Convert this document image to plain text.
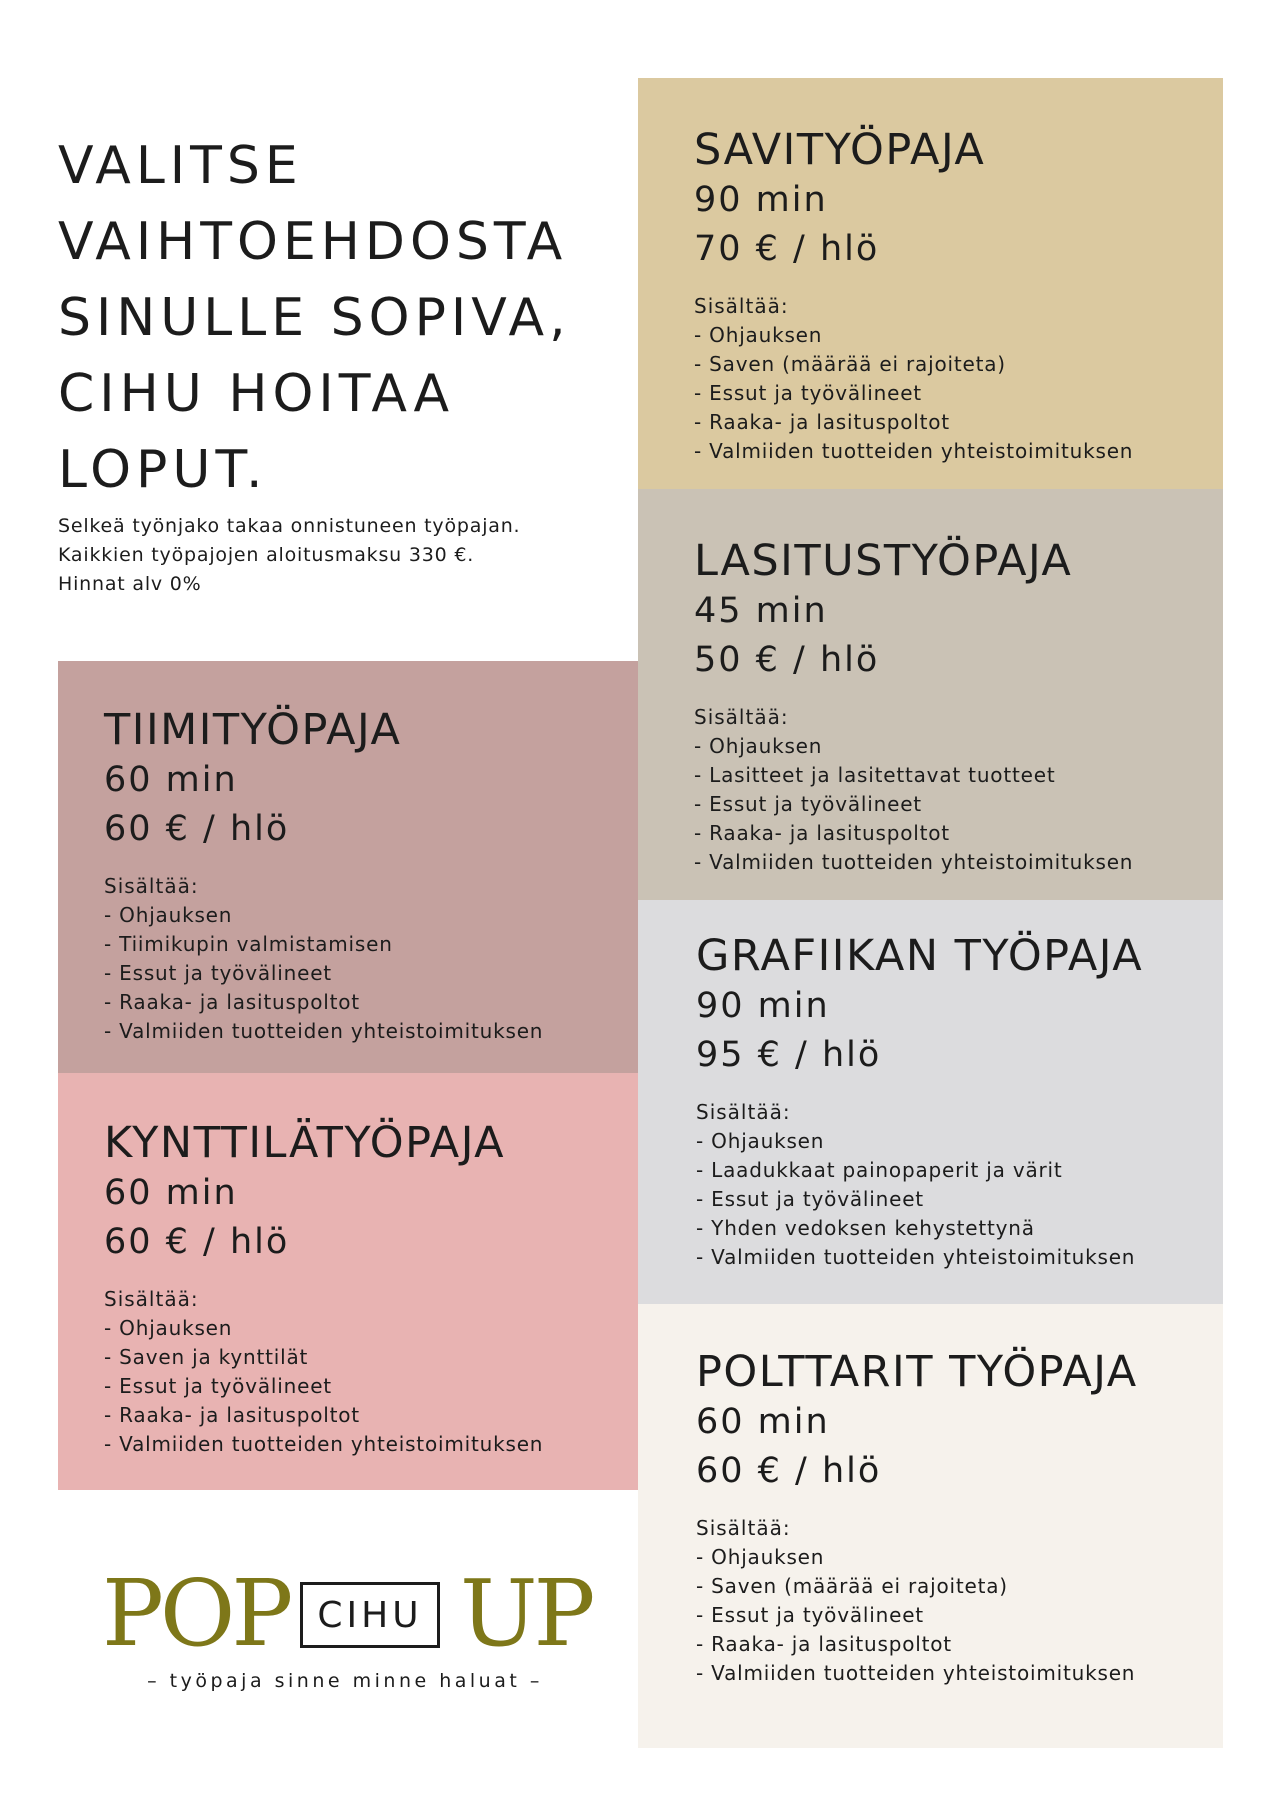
VALITSE
VAIHTOEHDOSTA
SINULLE SOPIVA,
CIHU HOITAA
LOPUT.
Selkeä työnjako takaa onnistuneen työpajan.
Kaikkien työpajojen aloitusmaksu 330 €.
Hinnat alv 0%
SAVITYÖPAJA
90 min
70 € / hlö
Sisältää:
- Ohjauksen
- Saven (määrää ei rajoiteta)
- Essut ja työvälineet
- Raaka- ja lasituspoltot
- Valmiiden tuotteiden yhteistoimituksen
LASITUSTYÖPAJA
45 min
50 € / hlö
Sisältää:
- Ohjauksen
- Lasitteet ja lasitettavat tuotteet
- Essut ja työvälineet
- Raaka- ja lasituspoltot
- Valmiiden tuotteiden yhteistoimituksen
GRAFIIKAN TYÖPAJA
90 min
95 € / hlö
Sisältää:
- Ohjauksen
- Laadukkaat painopaperit ja värit
- Essut ja työvälineet
- Yhden vedoksen kehystettynä
- Valmiiden tuotteiden yhteistoimituksen
POLTTARIT TYÖPAJA
60 min
60 € / hlö
Sisältää:
- Ohjauksen
- Saven (määrää ei rajoiteta)
- Essut ja työvälineet
- Raaka- ja lasituspoltot
- Valmiiden tuotteiden yhteistoimituksen
TIIMITYÖPAJA
60 min
60 € / hlö
Sisältää:
- Ohjauksen
- Tiimikupin valmistamisen
- Essut ja työvälineet
- Raaka- ja lasituspoltot
- Valmiiden tuotteiden yhteistoimituksen
KYNTTILÄTYÖPAJA
60 min
60 € / hlö
Sisältää:
- Ohjauksen
- Saven ja kynttilät
- Essut ja työvälineet
- Raaka- ja lasituspoltot
- Valmiiden tuotteiden yhteistoimituksen
POP CIHU UP
– työpaja sinne minne haluat –
